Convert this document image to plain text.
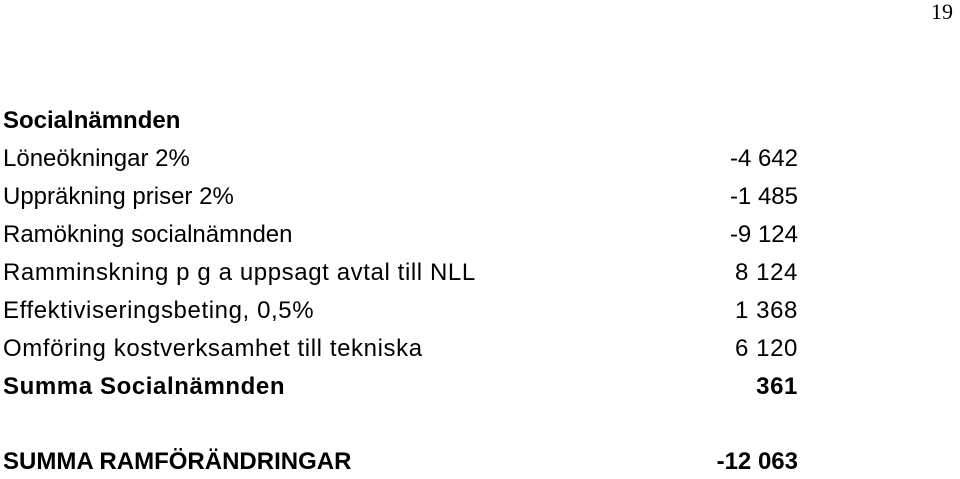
19
Socialnämnden
Löneökningar 2%	-4 642
Uppräkning priser 2%	-1 485
Ramökning socialnämnden	-9 124
Ramminskning p g a uppsagt avtal till NLL	8 124
Effektiviseringsbeting, 0,5%	1 368
Omföring kostverksamhet till tekniska	6 120
Summa Socialnämnden	361
SUMMA RAMFÖRÄNDRINGAR	-12 063
